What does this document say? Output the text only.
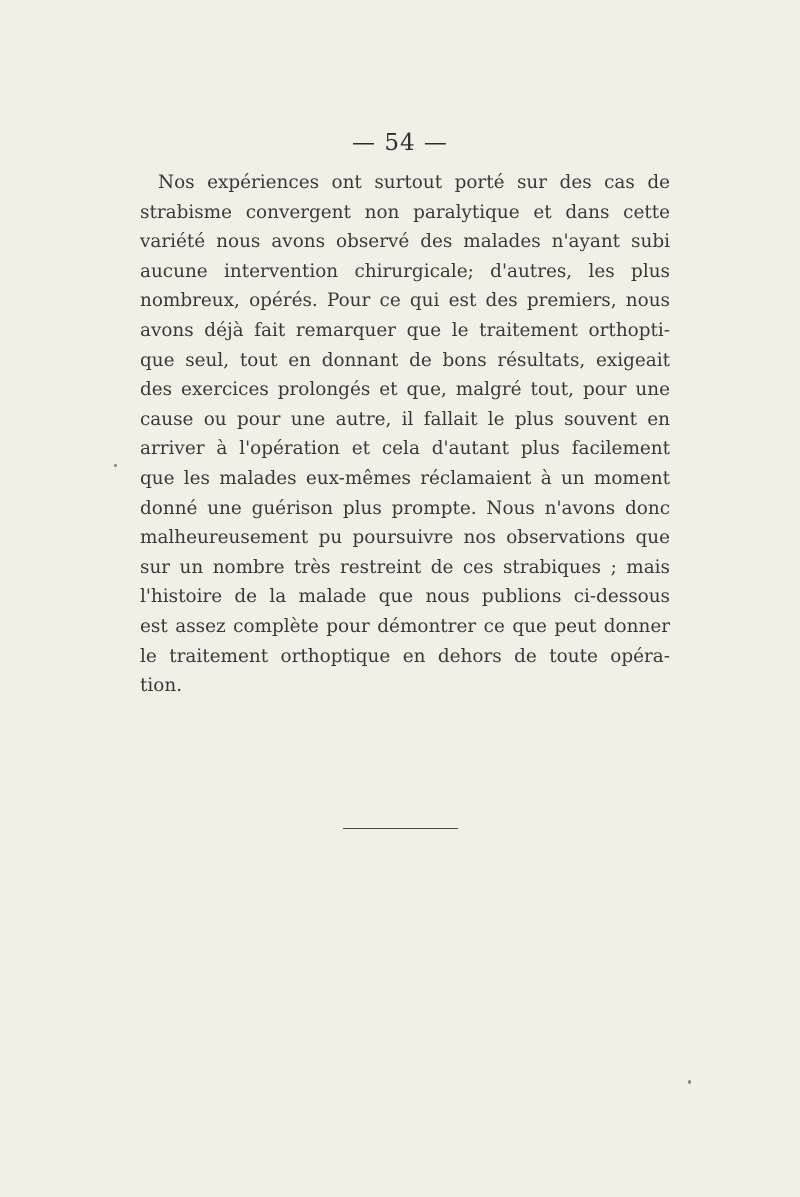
— 54 —
Nos expériences ont surtout porté sur des cas de
strabisme convergent non paralytique et dans cette
variété nous avons observé des malades n'ayant subi
aucune intervention chirurgicale; d'autres, les plus
nombreux, opérés. Pour ce qui est des premiers, nous
avons déjà fait remarquer que le traitement orthopti-
que seul, tout en donnant de bons résultats, exigeait
des exercices prolongés et que, malgré tout, pour une
cause ou pour une autre, il fallait le plus souvent en
arriver à l'opération et cela d'autant plus facilement
que les malades eux-mêmes réclamaient à un moment
donné une guérison plus prompte. Nous n'avons donc
malheureusement pu poursuivre nos observations que
sur un nombre très restreint de ces strabiques ; mais
l'histoire de la malade que nous publions ci-dessous
est assez complète pour démontrer ce que peut donner
le traitement orthoptique en dehors de toute opéra-
tion.
